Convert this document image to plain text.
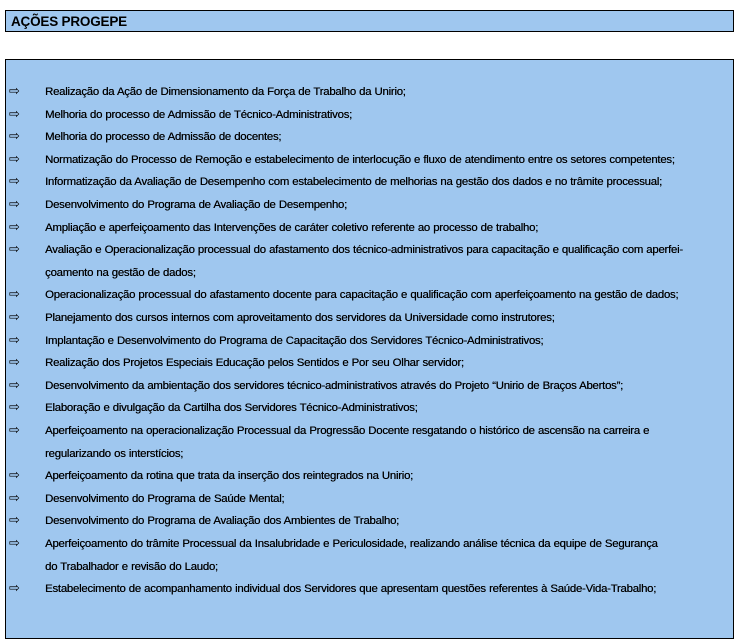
AÇÕES PROGEPE
⇨ Realização da Ação de Dimensionamento da Força de Trabalho da Unirio;
⇨ Melhoria do processo de Admissão de Técnico-Administrativos;
⇨ Melhoria do processo de Admissão de docentes;
⇨ Normatização do Processo de Remoção e estabelecimento de interlocução e fluxo de atendimento entre os setores competentes;
⇨ Informatização da Avaliação de Desempenho com estabelecimento de melhorias na gestão dos dados e no trâmite processual;
⇨ Desenvolvimento do Programa de Avaliação de Desempenho;
⇨ Ampliação e aperfeiçoamento das Intervenções de caráter coletivo referente ao processo de trabalho;
⇨ Avaliação e Operacionalização processual do afastamento dos técnico-administrativos para capacitação e qualificação com aperfei-
çoamento na gestão de dados;
⇨ Operacionalização processual do afastamento docente para capacitação e qualificação com aperfeiçoamento na gestão de dados;
⇨ Planejamento dos cursos internos com aproveitamento dos servidores da Universidade como instrutores;
⇨ Implantação e Desenvolvimento do Programa de Capacitação dos Servidores Técnico-Administrativos;
⇨ Realização dos Projetos Especiais Educação pelos Sentidos e Por seu Olhar servidor;
⇨ Desenvolvimento da ambientação dos servidores técnico-administrativos através do Projeto “Unirio de Braços Abertos”;
⇨ Elaboração e divulgação da Cartilha dos Servidores Técnico-Administrativos;
⇨ Aperfeiçoamento na operacionalização Processual da Progressão Docente resgatando o histórico de ascensão na carreira e
regularizando os interstícios;
⇨ Aperfeiçoamento da rotina que trata da inserção dos reintegrados na Unirio;
⇨ Desenvolvimento do Programa de Saúde Mental;
⇨ Desenvolvimento do Programa de Avaliação dos Ambientes de Trabalho;
⇨ Aperfeiçoamento do trâmite Processual da Insalubridade e Periculosidade, realizando análise técnica da equipe de Segurança
do Trabalhador e revisão do Laudo;
⇨ Estabelecimento de acompanhamento individual dos Servidores que apresentam questões referentes à Saúde-Vida-Trabalho;
